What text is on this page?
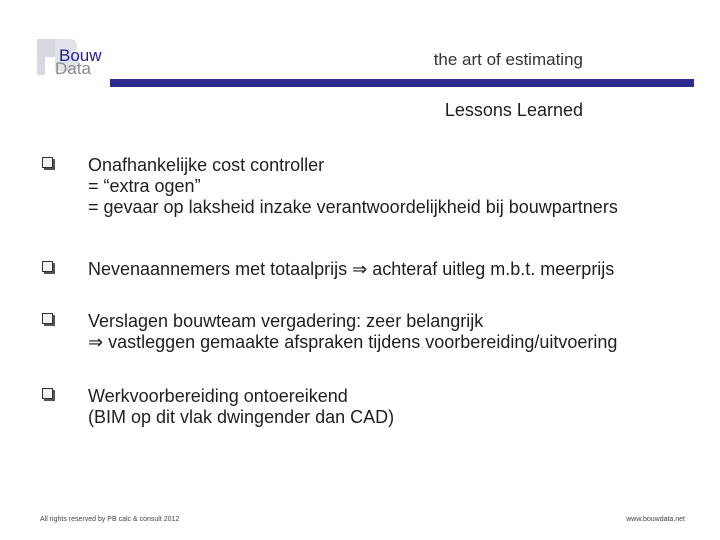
Bouw
Data	the art of estimating
Lessons Learned
Onafhankelijke cost controller
= “extra ogen”
= gevaar op laksheid inzake verantwoordelijkheid bij bouwpartners
Nevenaannemers met totaalprijs ⇒ achteraf uitleg m.b.t. meerprijs
Verslagen bouwteam vergadering: zeer belangrijk
⇒ vastleggen gemaakte afspraken tijdens voorbereiding/uitvoering
Werkvoorbereiding ontoereikend
(BIM op dit vlak dwingender dan CAD)
All rights reserved by PB calc & consult 2012	www.bouwdata.net
